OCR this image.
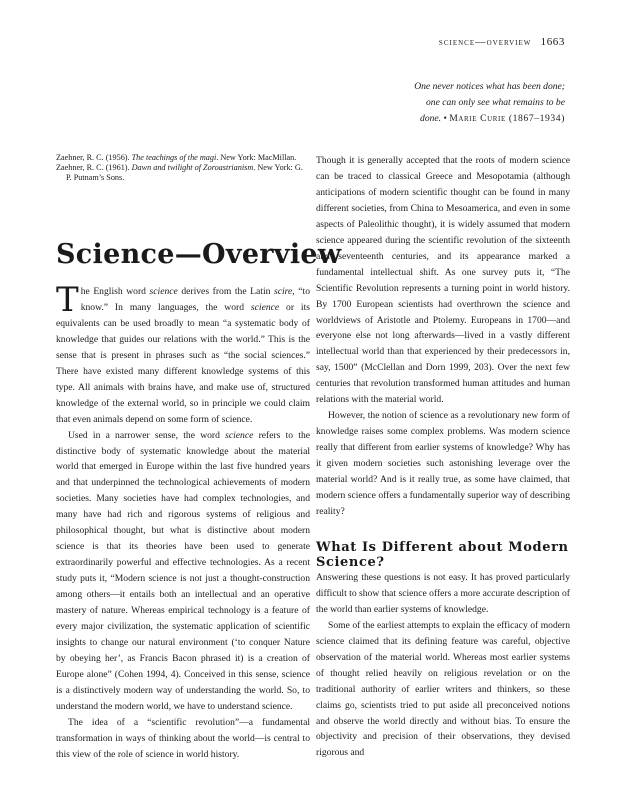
science—overview 1663
One never notices what has been done;
one can only see what remains to be
done. • Marie Curie (1867–1934)
Zaehner, R. C. (1956). The teachings of the magi. New York: MacMillan.
Zaehner, R. C. (1961). Dawn and twilight of Zoroastrianism. New York: G. P. Putnam’s Sons.
Science—Overview

The English word science derives from the Latin scire, “to know.” In many languages, the word science or its equivalents can be used broadly to mean “a systematic body of knowledge that guides our relations with the world.” This is the sense that is present in phrases such as “the social sciences.” There have existed many different knowledge systems of this type. All animals with brains have, and make use of, structured knowledge of the external world, so in principle we could claim that even animals depend on some form of science.

Used in a narrower sense, the word science refers to the distinctive body of systematic knowledge about the material world that emerged in Europe within the last five hundred years and that underpinned the technological achievements of modern societies. Many societies have had complex technologies, and many have had rich and rigorous systems of religious and philosophical thought, but what is distinctive about modern science is that its theories have been used to generate extraordinarily powerful and effective technologies. As a recent study puts it, “Modern science is not just a thought-construction among others—it entails both an intellectual and an operative mastery of nature. Whereas empirical technology is a feature of every major civilization, the systematic application of scientific insights to change our natural environment (‘to conquer Nature by obeying her’, as Francis Bacon phrased it) is a creation of Europe alone” (Cohen 1994, 4). Conceived in this sense, science is a distinctively modern way of understanding the world. So, to understand the modern world, we have to understand science.

The idea of a “scientific revolution”—a fundamental transformation in ways of thinking about the world—is central to this view of the role of science in world history.

Though it is generally accepted that the roots of modern science can be traced to classical Greece and Mesopotamia (although anticipations of modern scientific thought can be found in many different societies, from China to Mesoamerica, and even in some aspects of Paleolithic thought), it is widely assumed that modern science appeared during the scientific revolution of the sixteenth and seventeenth centuries, and its appearance marked a fundamental intellectual shift. As one survey puts it, “The Scientific Revolution represents a turning point in world history. By 1700 European scientists had overthrown the science and worldviews of Aristotle and Ptolemy. Europeans in 1700—and everyone else not long afterwards—lived in a vastly different intellectual world than that experienced by their predecessors in, say, 1500” (McClellan and Dorn 1999, 203). Over the next few centuries that revolution transformed human attitudes and human relations with the material world.

However, the notion of science as a revolutionary new form of knowledge raises some complex problems. Was modern science really that different from earlier systems of knowledge? Why has it given modern societies such astonishing leverage over the material world? And is it really true, as some have claimed, that modern science offers a fundamentally superior way of describing reality?

What Is Different about Modern Science?

Answering these questions is not easy. It has proved particularly difficult to show that science offers a more accurate description of the world than earlier systems of knowledge.

Some of the earliest attempts to explain the efficacy of modern science claimed that its defining feature was careful, objective observation of the material world. Whereas most earlier systems of thought relied heavily on religious revelation or on the traditional authority of earlier writers and thinkers, so these claims go, scientists tried to put aside all preconceived notions and observe the world directly and without bias. To ensure the objectivity and precision of their observations, they devised rigorous and
